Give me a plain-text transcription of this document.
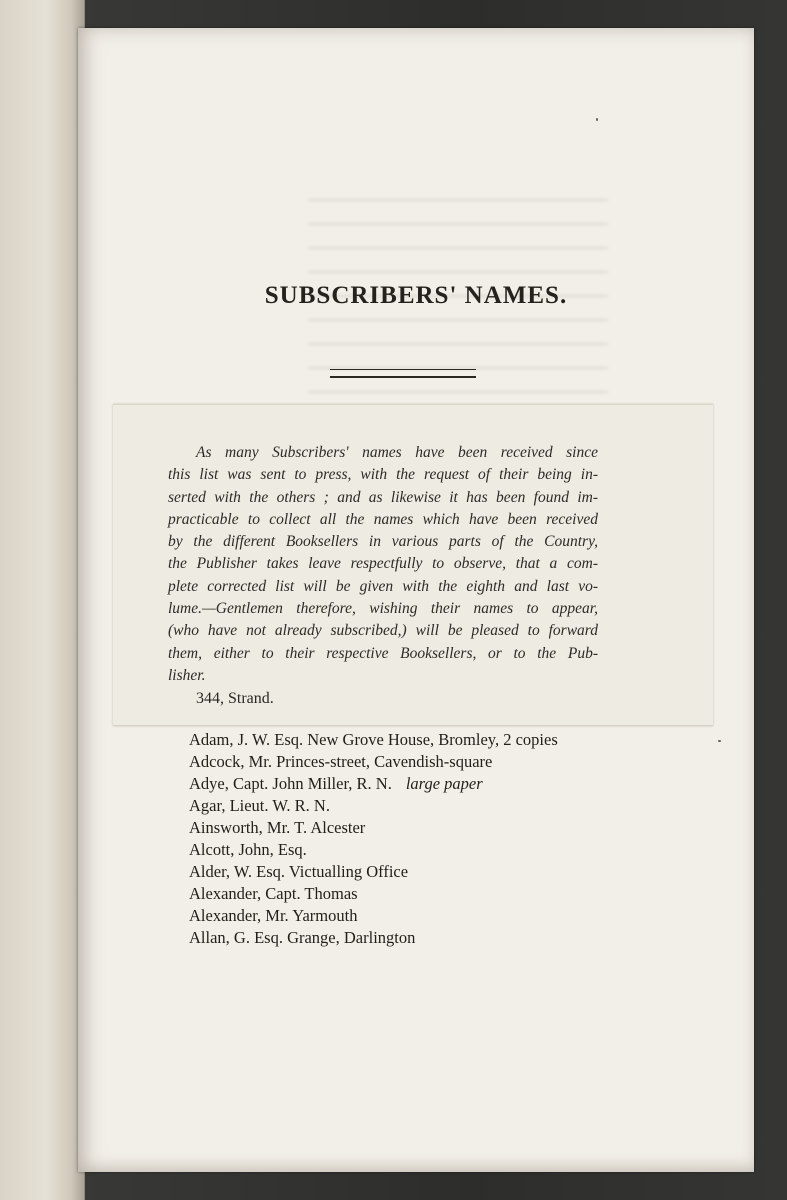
SUBSCRIBERS' NAMES.
As many Subscribers' names have been received since
this list was sent to press, with the request of their being in-
serted with the others ; and as likewise it has been found im-
practicable to collect all the names which have been received
by the different Booksellers in various parts of the Country,
the Publisher takes leave respectfully to observe, that a com-
plete corrected list will be given with the eighth and last vo-
lume.—Gentlemen therefore, wishing their names to appear,
(who have not already subscribed,) will be pleased to forward
them, either to their respective Booksellers, or to the Pub-
lisher.
344, Strand.
Adam, J. W. Esq. New Grove House, Bromley, 2 copies
Adcock, Mr. Princes-street, Cavendish-square
Adye, Capt. John Miller, R. N. large paper
Agar, Lieut. W. R. N.
Ainsworth, Mr. T. Alcester
Alcott, John, Esq.
Alder, W. Esq. Victualling Office
Alexander, Capt. Thomas
Alexander, Mr. Yarmouth
Allan, G. Esq. Grange, Darlington
